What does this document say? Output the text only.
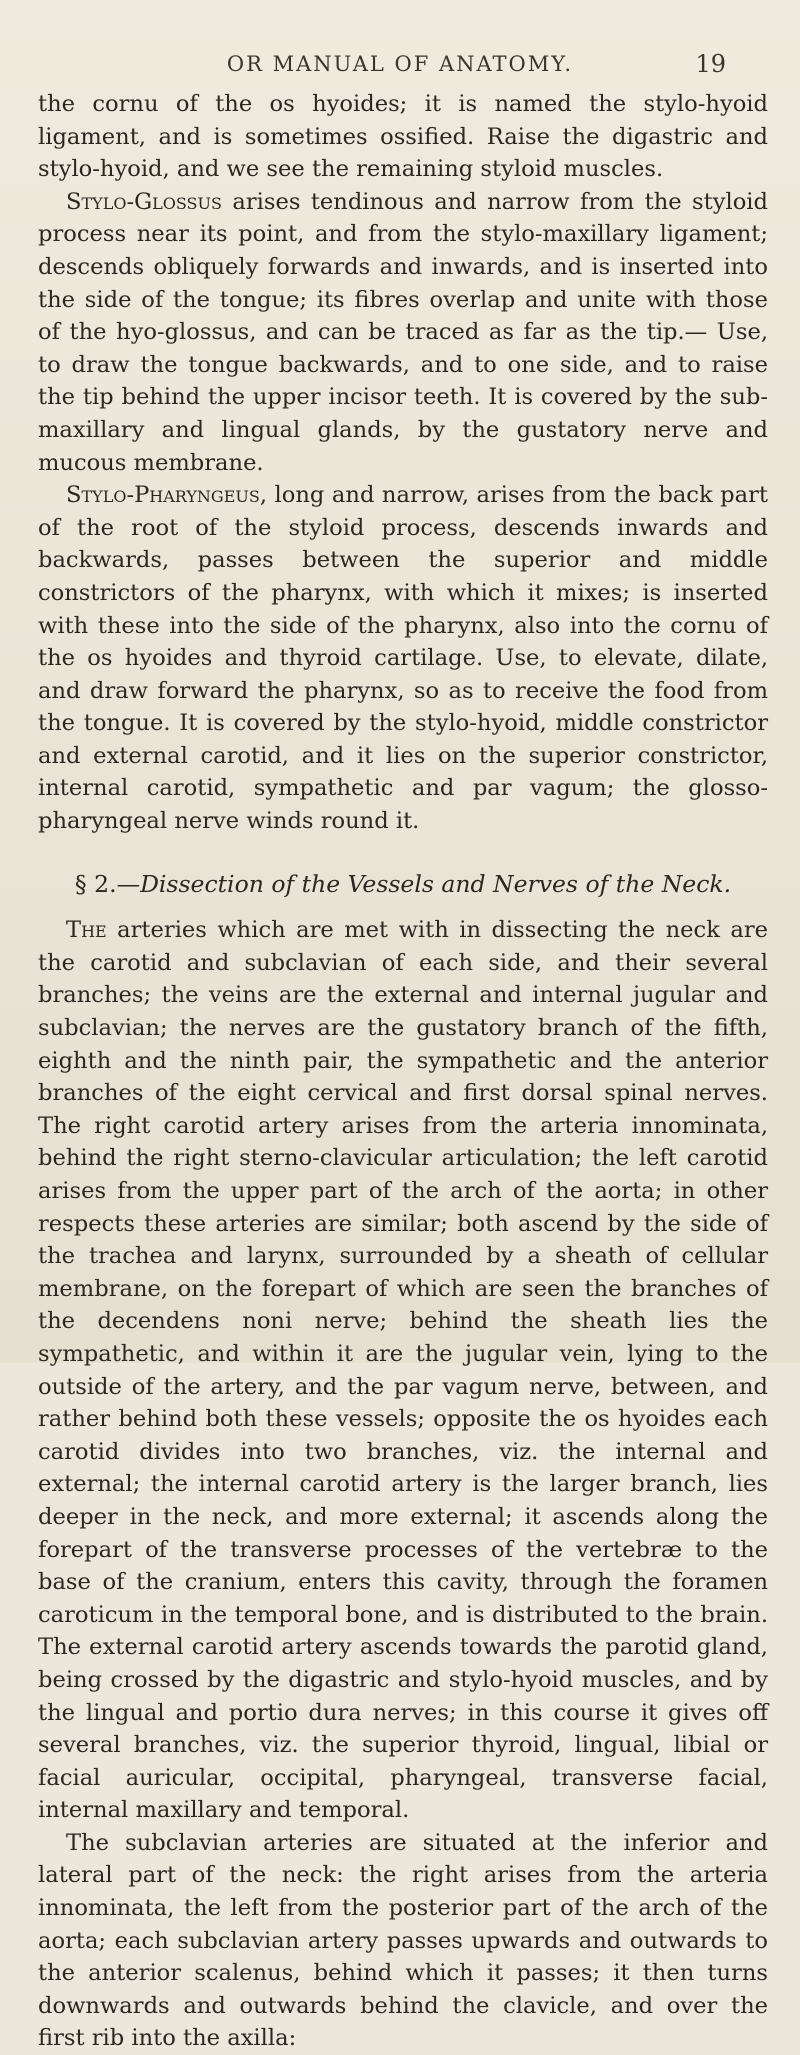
OR MANUAL OF ANATOMY.	19

the cornu of the os hyoides; it is named the stylo-hyoid ligament, and is sometimes ossified. Raise the digastric and stylo-hyoid, and we see the remaining styloid muscles.

Stylo-Glossus arises tendinous and narrow from the styloid process near its point, and from the stylo-maxillary ligament; descends obliquely forwards and inwards, and is inserted into the side of the tongue; its fibres overlap and unite with those of the hyo-glossus, and can be traced as far as the tip.— Use, to draw the tongue backwards, and to one side, and to raise the tip behind the upper incisor teeth. It is covered by the sub-maxillary and lingual glands, by the gustatory nerve and mucous membrane.

Stylo-Pharyngeus, long and narrow, arises from the back part of the root of the styloid process, descends inwards and backwards, passes between the superior and middle constrictors of the pharynx, with which it mixes; is inserted with these into the side of the pharynx, also into the cornu of the os hyoides and thyroid cartilage. Use, to elevate, dilate, and draw forward the pharynx, so as to receive the food from the tongue. It is covered by the stylo-hyoid, middle constrictor and external carotid, and it lies on the superior constrictor, internal carotid, sympathetic and par vagum; the glosso-pharyngeal nerve winds round it.

§ 2.—Dissection of the Vessels and Nerves of the Neck.

The arteries which are met with in dissecting the neck are the carotid and subclavian of each side, and their several branches; the veins are the external and internal jugular and subclavian; the nerves are the gustatory branch of the fifth, eighth and the ninth pair, the sympathetic and the anterior branches of the eight cervical and first dorsal spinal nerves. The right carotid artery arises from the arteria innominata, behind the right sterno-clavicular articulation; the left carotid arises from the upper part of the arch of the aorta; in other respects these arteries are similar; both ascend by the side of the trachea and larynx, surrounded by a sheath of cellular membrane, on the forepart of which are seen the branches of the decendens noni nerve; behind the sheath lies the sympathetic, and within it are the jugular vein, lying to the outside of the artery, and the par vagum nerve, between, and rather behind both these vessels; opposite the os hyoides each carotid divides into two branches, viz. the internal and external; the internal carotid artery is the larger branch, lies deeper in the neck, and more external; it ascends along the forepart of the transverse processes of the vertebræ to the base of the cranium, enters this cavity, through the foramen caroticum in the temporal bone, and is distributed to the brain. The external carotid artery ascends towards the parotid gland, being crossed by the digastric and stylo-hyoid muscles, and by the lingual and portio dura nerves; in this course it gives off several branches, viz. the superior thyroid, lingual, libial or facial auricular, occipital, pharyngeal, transverse facial, internal maxillary and temporal.

The subclavian arteries are situated at the inferior and lateral part of the neck: the right arises from the arteria innominata, the left from the posterior part of the arch of the aorta; each subclavian artery passes upwards and outwards to the anterior scalenus, behind which it passes; it then turns downwards and outwards behind the clavicle, and over the first rib into the axilla:
